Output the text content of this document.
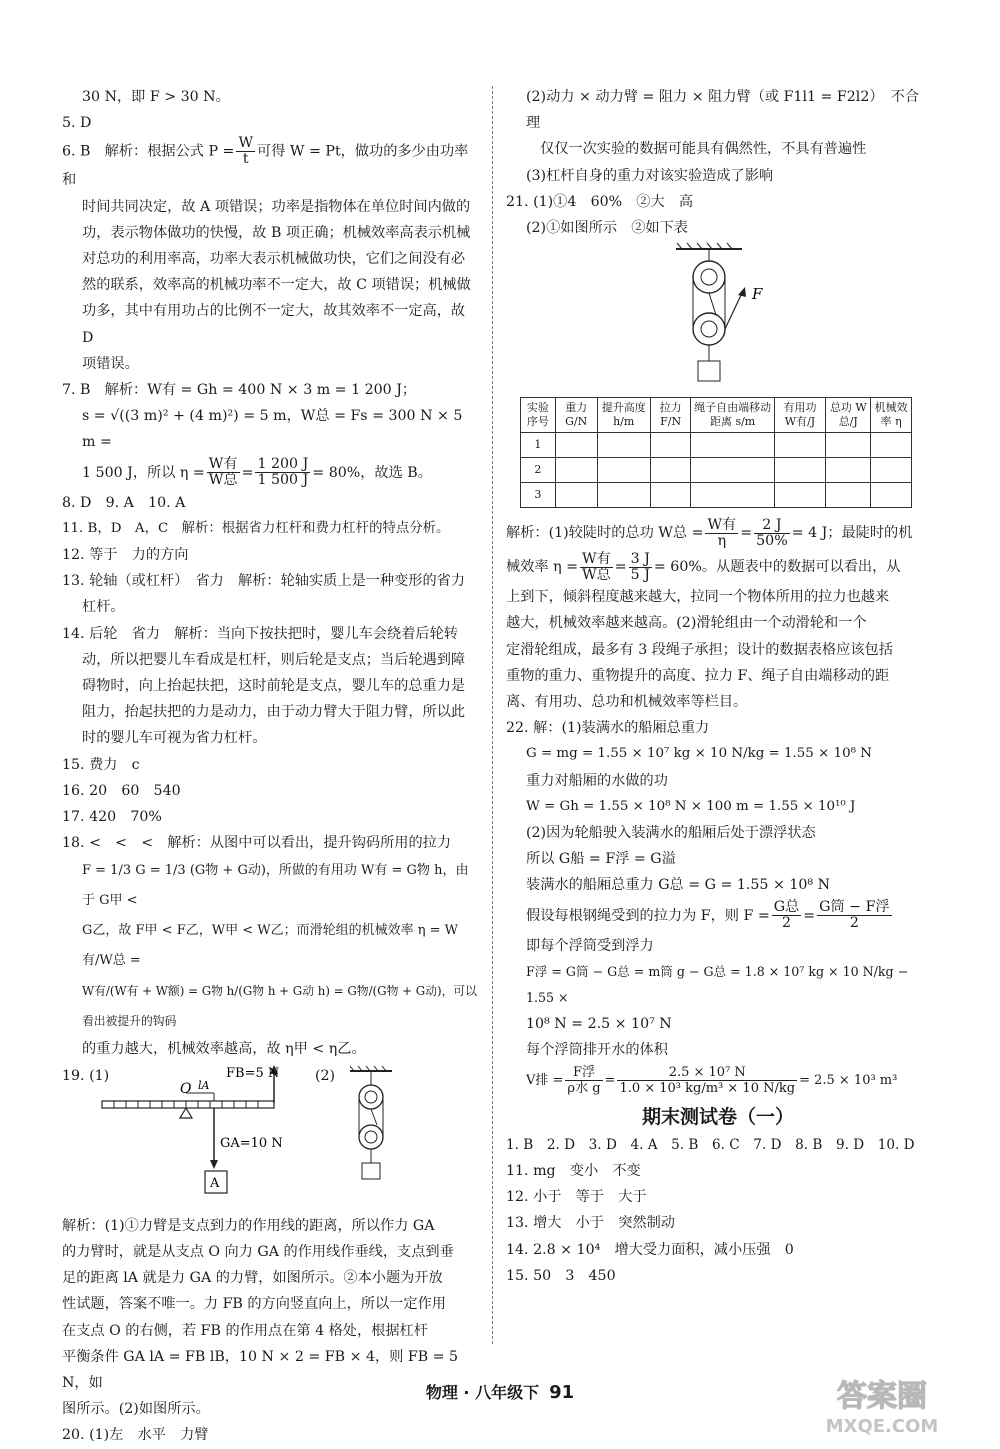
30 N，即 F > 30 N。

5. D

6. B　解析：根据公式 $P = \frac{W}{t}$ 可得 W = Pt，做功的多少由功率和

时间共同决定，故 A 项错误；功率是指物体在单位时间内做的

功，表示物体做功的快慢，故 B 项正确；机械效率高表示机械

对总功的利用率高，功率大表示机械做功快，它们之间没有必

然的联系，效率高的机械功率不一定大，故 C 项错误；机械做

功多，其中有用功占的比例不一定大，故其效率不一定高，故 D

项错误。

7. B　解析：W有 = Gh = 400 N × 3 m = 1 200 J；

s = √((3 m)² + (4 m)²) = 5 m，W总 = Fs = 300 N × 5 m =

1 500 J，所以 $\eta = \frac{\text{W有}}{\text{W总}} = \frac{1 200 J}{1 500 J} = 80\%$，故选 B。

8. D　9. A　10. A

11. B，D　A，C　解析：根据省力杠杆和费力杠杆的特点分析。

12. 等于　力的方向

13. 轮轴（或杠杆）　省力　解析：轮轴实质上是一种变形的省力

杠杆。

14. 后轮　省力　解析：当向下按扶把时，婴儿车会绕着后轮转

动，所以把婴儿车看成是杠杆，则后轮是支点；当后轮遇到障

碍物时，向上抬起扶把，这时前轮是支点，婴儿车的总重力是

阻力，抬起扶把的力是动力，由于动力臂大于阻力臂，所以此

时的婴儿车可视为省力杠杆。

15. 费力　c

16. 20　60　540

17. 420　70%

18. <　<　<　解析：从图中可以看出，提升钩码所用的拉力

F = 1/3 G = 1/3 (G物 + G动)，所做的有用功 W有 = G物 h，由于 G甲 <

G乙，故 F甲 < F乙，W甲 < W乙；而滑轮组的机械效率 η = W有/W总 =

W有/(W有 + W额) = G物 h/(G物 h + G动 h) = G物/(G物 + G动)，可以看出被提升的钩码

的重力越大，机械效率越高，故 η甲 < η乙。

19. (1)	(2)
FB=5 N
O lA
GA=10 N
A

解析：(1)①力臂是支点到力的作用线的距离，所以作力 GA

的力臂时，就是从支点 O 向力 GA 的作用线作垂线，支点到垂

足的距离 lA 就是力 GA 的力臂，如图所示。②本小题为开放

性试题，答案不唯一。力 FB 的方向竖直向上，所以一定作用

在支点 O 的右侧，若 FB 的作用点在第 4 格处，根据杠杆

平衡条件 GA lA = FB lB，10 N × 2 = FB × 4，则 FB = 5 N，如

图所示。(2)如图所示。

20. (1)左　水平　力臂

(2)动力 × 动力臂 = 阻力 × 阻力臂（或 F1l1 = F2l2）　不合理

仅仅一次实验的数据可能具有偶然性，不具有普遍性

(3)杠杆自身的重力对该实验造成了影响

21. (1)①4　60%　②大　高

(2)①如图所示　②如下表

F
实验序号	重力 G/N	提升高度 h/m	拉力 F/N	绳子自由端移动距离 s/m	有用功 W有/J	总功 W总/J	机械效率 η
1							
2							
3							

解析：(1)较陡时的总功 W总 = $\frac{\text{W有}}{\eta} = \frac{2 J}{50\%} = 4$ J；最陡时的机

械效率 $\eta = \frac{\text{W有}}{\text{W总}} = \frac{3 J}{5 J} = 60\%$。从题表中的数据可以看出，从

上到下，倾斜程度越来越大，拉同一个物体所用的拉力也越来

越大，机械效率越来越高。(2)滑轮组由一个动滑轮和一个

定滑轮组成，最多有 3 段绳子承担；设计的数据表格应该包括

重物的重力、重物提升的高度、拉力 F、绳子自由端移动的距

离、有用功、总功和机械效率等栏目。

22. 解：(1)装满水的船厢总重力

G = mg = 1.55 × 10⁷ kg × 10 N/kg = 1.55 × 10⁸ N

重力对船厢的水做的功

W = Gh = 1.55 × 10⁸ N × 100 m = 1.55 × 10¹⁰ J

(2)因为轮船驶入装满水的船厢后处于漂浮状态

所以 G船 = F浮 = G溢

装满水的船厢总重力 G总 = G = 1.55 × 10⁸ N

假设每根钢绳受到的拉力为 F，则 $F = \frac{\text{G总}}{2} = \frac{\text{G筒 − F浮}}{2}$

即每个浮筒受到浮力

F浮 = G筒 − G总 = m筒 g − G总 = 1.8 × 10⁷ kg × 10 N/kg − 1.55 ×

10⁸ N = 2.5 × 10⁷ N

每个浮筒排开水的体积

V排 = $\frac{\text{F浮}}{\text{ρ水 g}} = \frac{\text{2.5 × 10⁷ N}}{\text{1.0 × 10³ kg/m³ × 10 N/kg}} = 2.5 \times 10^3$ m³

期末测试卷（一）

1. B　2. D　3. D　4. A　5. B　6. C　7. D　8. B　9. D　10. D

11. mg　变小　不变

12. 小于　等于　大于

13. 增大　小于　突然制动

14. 2.8 × 10⁴　增大受力面积，减小压强　0

15. 50　3　450

物理 · 八年级下 91	答案圈
MXQE.COM
